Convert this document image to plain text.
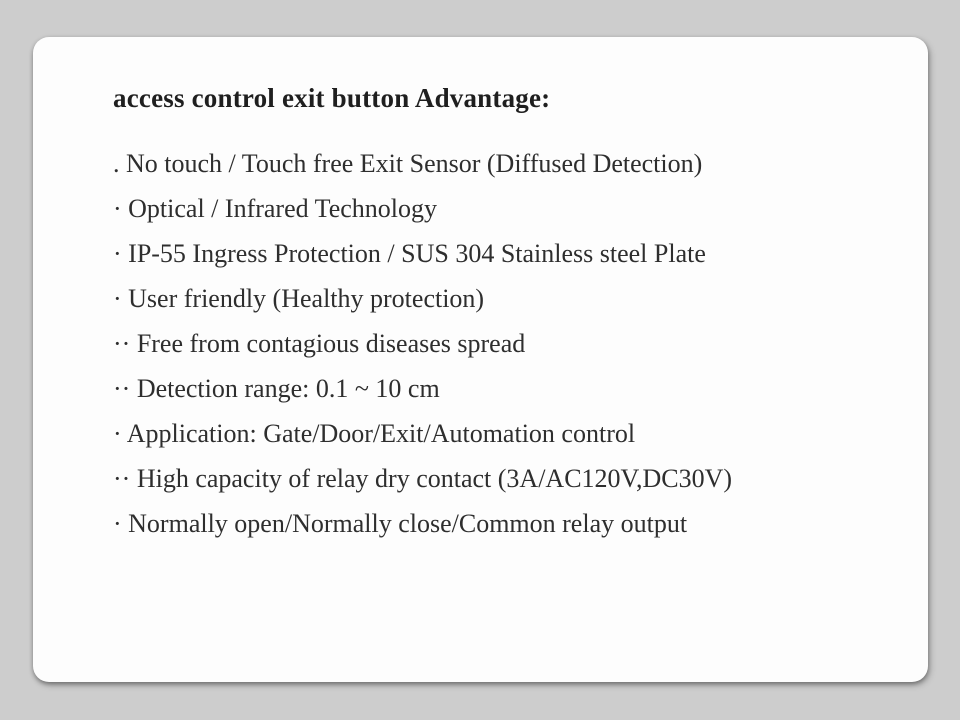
access control exit button Advantage:
. No touch / Touch free Exit Sensor (Diffused Detection)
· Optical / Infrared Technology
· IP-55 Ingress Protection / SUS 304 Stainless steel Plate
· User friendly (Healthy protection)
·· Free from contagious diseases spread
·· Detection range: 0.1 ~ 10 cm
· Application: Gate/Door/Exit/Automation control
·· High capacity of relay dry contact (3A/AC120V,DC30V)
· Normally open/Normally close/Common relay output
